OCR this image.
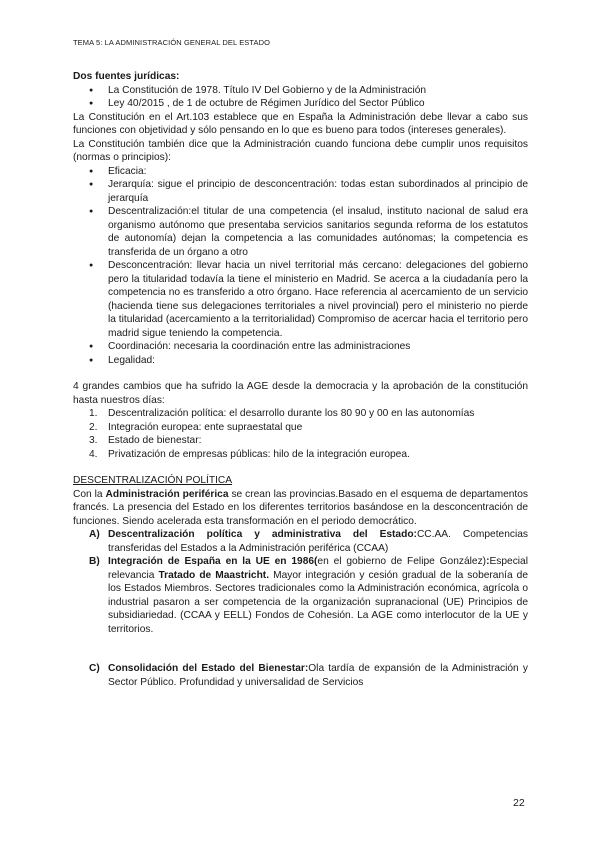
TEMA 5: LA ADMINISTRACIÓN GENERAL DEL ESTADO

Dos fuentes jurídicas:

● La Constitución de 1978. Título IV Del Gobierno y de la Administración
● Ley 40/2015 , de 1 de octubre de Régimen Jurídico del Sector Público

La Constitución en el Art.103 establece que en España la Administración debe llevar a cabo sus funciones con objetividad y sólo pensando en lo que es bueno para todos (intereses generales).

La Constitución también dice que la Administración cuando funciona debe cumplir unos requisitos (normas o principios):

● Eficacia:
● Jerarquía: sigue el principio de desconcentración: todas estan subordinados al principio de jerarquía
● Descentralización:el titular de una competencia (el insalud, instituto nacional de salud era organismo autónomo que presentaba servicios sanitarios segunda reforma de los estatutos de autonomía) dejan la competencia a las comunidades autónomas; la competencia es transferida de un órgano a otro
● Desconcentración: llevar hacia un nivel territorial más cercano: delegaciones del gobierno pero la titularidad todavía la tiene el ministerio en Madrid. Se acerca a la ciudadanía pero la competencia no es transferido a otro órgano. Hace referencia al acercamiento de un servicio (hacienda tiene sus delegaciones territoriales a nivel provincial) pero el ministerio no pierde la titularidad (acercamiento a la territorialidad) Compromiso de acercar hacia el territorio pero madrid sigue teniendo la competencia.
● Coordinación: necesaria la coordinación entre las administraciones
● Legalidad:

4 grandes cambios que ha sufrido la AGE desde la democracia y la aprobación de la constitución hasta nuestros días:

1. Descentralización política: el desarrollo durante los 80 90 y 00 en las autonomías
2. Integración europea: ente supraestatal que
3. Estado de bienestar:
4. Privatización de empresas públicas: hilo de la integración europea.

DESCENTRALIZACIÓN POLÍTICA

Con la Administración periférica se crean las provincias.Basado en el esquema de departamentos francés. La presencia del Estado en los diferentes territorios basándose en la desconcentración de funciones. Siendo acelerada esta transformación en el periodo democrático.

A) Descentralización política y administrativa del Estado:CC.AA. Competencias transferidas del Estados a la Administración periférica (CCAA)
B) Integración de España en la UE en 1986(en el gobierno de Felipe González):Especial relevancia Tratado de Maastricht. Mayor integración y cesión gradual de la soberanía de los Estados Miembros. Sectores tradicionales como la Administración económica, agrícola o industrial pasaron a ser competencia de la organización supranacional (UE) Principios de subsidiariedad. (CCAA y EELL) Fondos de Cohesión. La AGE como interlocutor de la UE y territorios.
C) Consolidación del Estado del Bienestar:Ola tardía de expansión de la Administración y Sector Público. Profundidad y universalidad de Servicios
22
